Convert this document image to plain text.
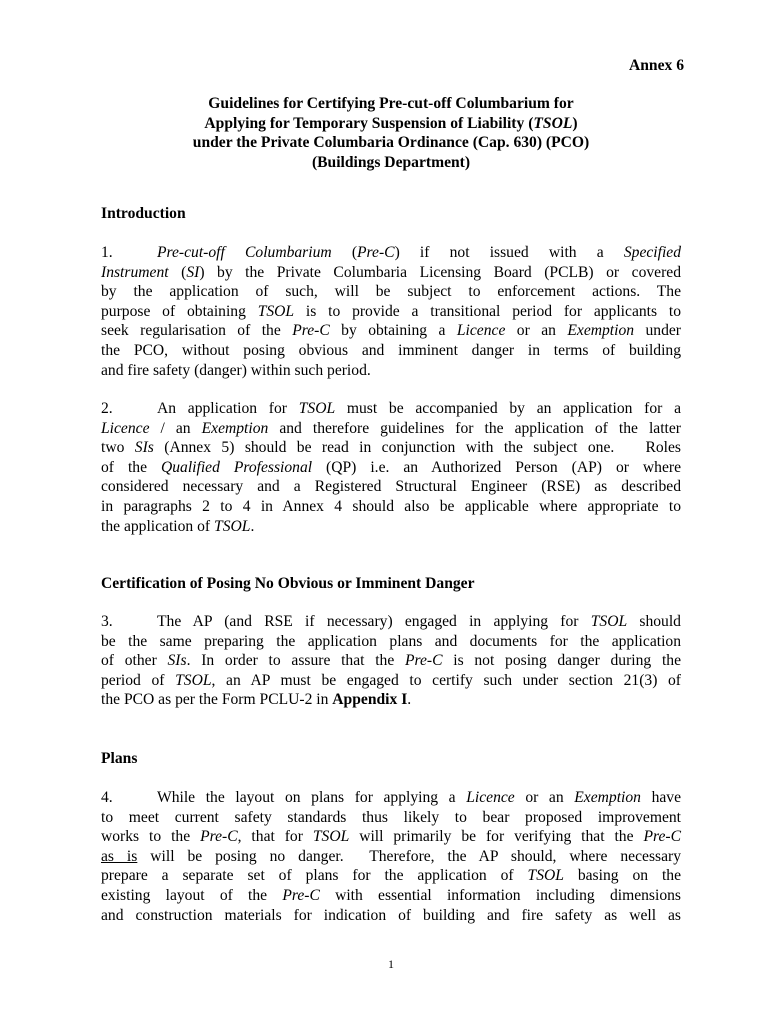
Annex 6
Guidelines for Certifying Pre-cut-off Columbarium for
Applying for Temporary Suspension of Liability (TSOL)
under the Private Columbaria Ordinance (Cap. 630) (PCO)
(Buildings Department)
Introduction
1.	Pre-cut-off Columbarium (Pre-C) if not issued with a Specified
Instrument (SI) by the Private Columbaria Licensing Board (PCLB) or covered
by the application of such, will be subject to enforcement actions. The
purpose of obtaining TSOL is to provide a transitional period for applicants to
seek regularisation of the Pre-C by obtaining a Licence or an Exemption under
the PCO, without posing obvious and imminent danger in terms of building
and fire safety (danger) within such period.
2.	An application for TSOL must be accompanied by an application for a
Licence / an Exemption and therefore guidelines for the application of the latter
two SIs (Annex 5) should be read in conjunction with the subject one.   Roles
of the Qualified Professional (QP) i.e. an Authorized Person (AP) or where
considered necessary and a Registered Structural Engineer (RSE) as described
in paragraphs 2 to 4 in Annex 4 should also be applicable where appropriate to
the application of TSOL.
Certification of Posing No Obvious or Imminent Danger
3.	The AP (and RSE if necessary) engaged in applying for TSOL should
be the same preparing the application plans and documents for the application
of other SIs. In order to assure that the Pre-C is not posing danger during the
period of TSOL, an AP must be engaged to certify such under section 21(3) of
the PCO as per the Form PCLU-2 in Appendix I.
Plans
4.	While the layout on plans for applying a Licence or an Exemption have
to meet current safety standards thus likely to bear proposed improvement
works to the Pre-C, that for TSOL will primarily be for verifying that the Pre-C
as is will be posing no danger.  Therefore, the AP should, where necessary
prepare a separate set of plans for the application of TSOL basing on the
existing layout of the Pre-C with essential information including dimensions
and construction materials for indication of building and fire safety as well as
1
